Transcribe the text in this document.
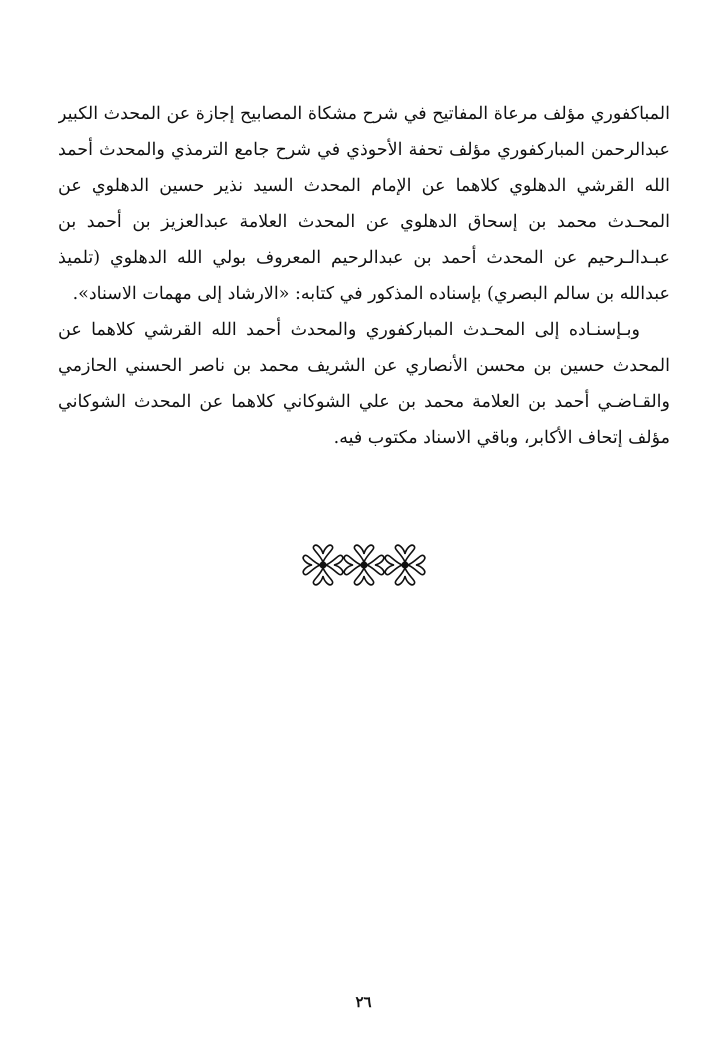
المباكفوري مؤلف مرعاة المفاتيح في شرح مشكاة المصابيح إجازة عن المحدث الكبير
عبدالرحمن المباركفوري مؤلف تحفة الأحوذي في شرح جامع الترمذي والمحدث أحمد
الله القرشي الدهلوي كلاهما عن الإمام المحدث السيد نذير حسين الدهلوي عن
المحـدث محمد بن إسحاق الدهلوي عن المحدث العلامة عبدالعزيز بن أحمد بن
عبـدالـرحيم عن المحدث أحمد بن عبدالرحيم المعروف بولي الله الدهلوي (تلميذ
عبدالله بن سالم البصري) بإسناده المذكور في كتابه: «الارشاد إلى مهمات الاسناد».
وبـإسنـاده إلى المحـدث المباركفوري والمحدث أحمد الله القرشي كلاهما عن
المحدث حسين بن محسن الأنصاري عن الشريف محمد بن ناصر الحسني الحازمي
والقـاضـي أحمد بن العلامة محمد بن علي الشوكاني كلاهما عن المحدث الشوكاني
مؤلف إتحاف الأكابر، وباقي الاسناد مكتوب فيه.
٢٦
